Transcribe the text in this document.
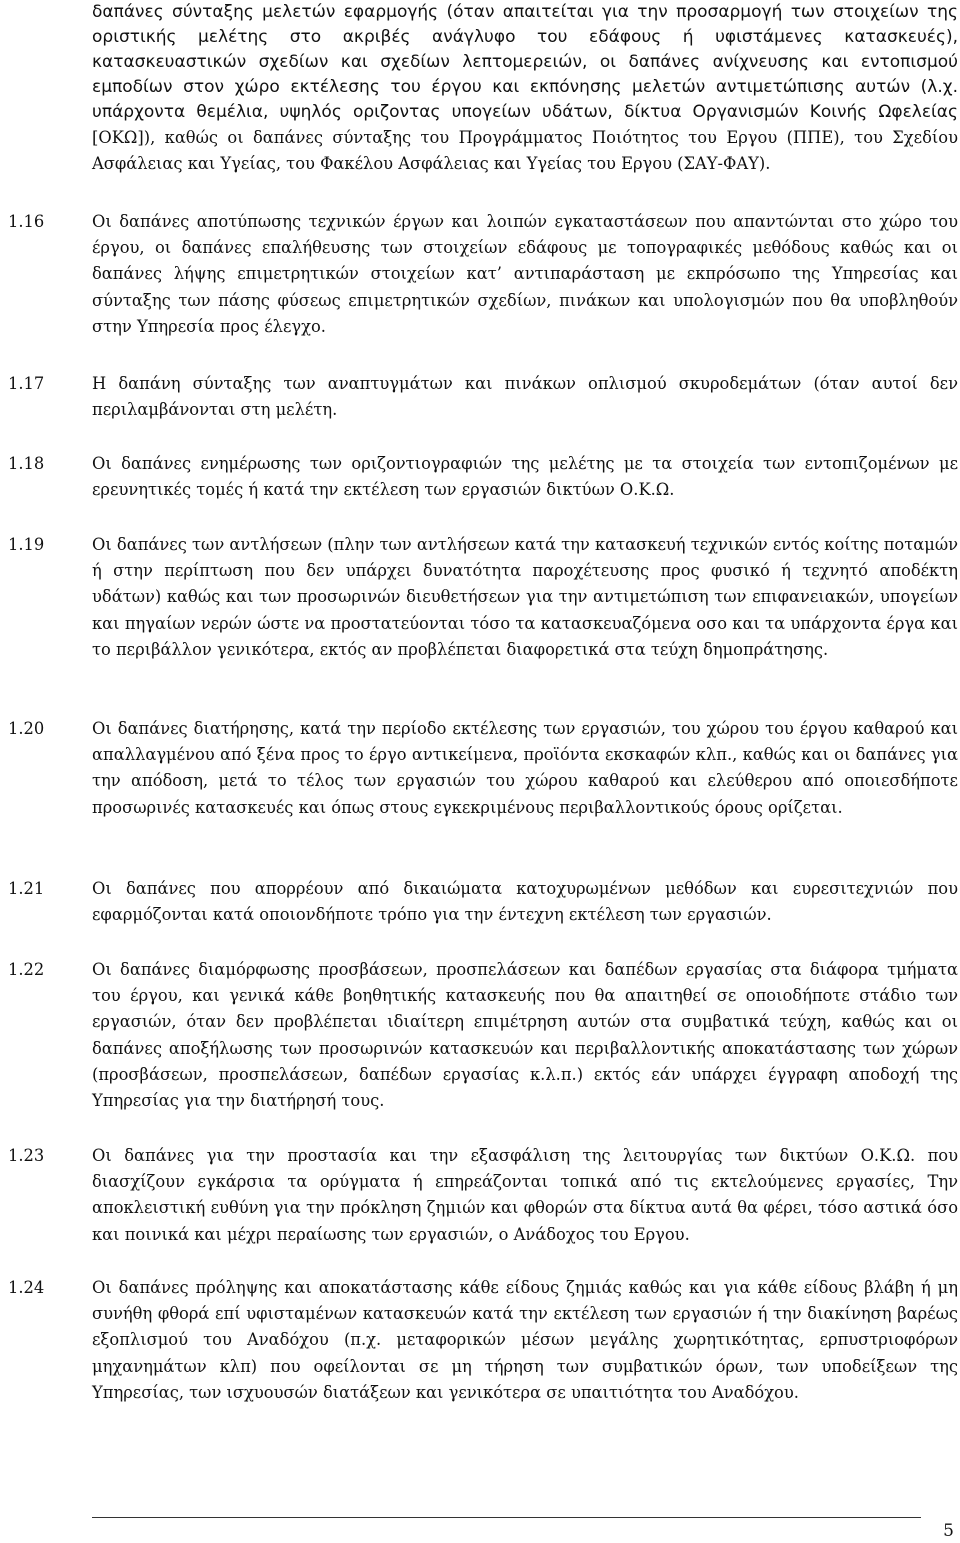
δαπάνες σύνταξης μελετών εφαρμογής (όταν απαιτείται για την προσαρμογή των στοιχείων της οριστικής μελέτης στο ακριβές ανάγλυφο του εδάφους ή υφιστάμενες κατασκευές), κατασκευαστικών σχεδίων και σχεδίων λεπτομερειών, οι δαπάνες ανίχνευσης και εντοπισμού εμποδίων στον χώρο εκτέλεσης του έργου και εκπόνησης μελετών αντιμετώπισης αυτών (λ.χ. υπάρχοντα θεμέλια, υψηλός οριζοντας υπογείων υδάτων, δίκτυα Οργανισμών Κοινής Ωφελείας [ΟΚΩ]), καθώς οι δαπάνες σύνταξης του Προγράμματος Ποιότητος του Εργου (ΠΠΕ), του Σχεδίου Ασφάλειας και Υγείας, του Φακέλου Ασφάλειας και Υγείας του Εργου (ΣΑΥ-ΦΑΥ).
1.16	Οι δαπάνες αποτύπωσης τεχνικών έργων και λοιπών εγκαταστάσεων που απαντώνται στο χώρο του έργου, οι δαπάνες επαλήθευσης των στοιχείων εδάφους με τοπογραφικές μεθόδους καθώς και οι δαπάνες λήψης επιμετρητικών στοιχείων κατ’ αντιπαράσταση με εκπρόσωπο της Υπηρεσίας και σύνταξης των πάσης φύσεως επιμετρητικών σχεδίων, πινάκων και υπολογισμών που θα υποβληθούν στην Υπηρεσία προς έλεγχο.
1.17	Η δαπάνη σύνταξης των αναπτυγμάτων και πινάκων οπλισμού σκυροδεμάτων (όταν αυτοί δεν περιλαμβάνονται στη μελέτη.
1.18	Οι δαπάνες ενημέρωσης των οριζοντιογραφιών της μελέτης με τα στοιχεία των εντοπιζομένων με ερευνητικές τομές ή κατά την εκτέλεση των εργασιών δικτύων Ο.Κ.Ω.
1.19	Οι δαπάνες των αντλήσεων (πλην των αντλήσεων κατά την κατασκευή τεχνικών εντός κοίτης ποταμών ή στην περίπτωση που δεν υπάρχει δυνατότητα παροχέτευσης προς φυσικό ή τεχνητό αποδέκτη υδάτων) καθώς και των προσωρινών διευθετήσεων για την αντιμετώπιση των επιφανειακών, υπογείων και πηγαίων νερών ώστε να προστατεύονται τόσο τα κατασκευαζόμενα οσο και τα υπάρχοντα έργα και το περιβάλλον γενικότερα, εκτός αν προβλέπεται διαφορετικά στα τεύχη δημοπράτησης.
1.20	Οι δαπάνες διατήρησης, κατά την περίοδο εκτέλεσης των εργασιών, του χώρου του έργου καθαρού και απαλλαγμένου από ξένα προς το έργο αντικείμενα, προϊόντα εκσκαφών κλπ., καθώς και οι δαπάνες για την απόδοση, μετά το τέλος των εργασιών του χώρου καθαρού και ελεύθερου από οποιεσδήποτε προσωρινές κατασκευές και όπως στους εγκεκριμένους περιβαλλοντικούς όρους ορίζεται.
1.21	Οι δαπάνες που απορρέουν από δικαιώματα κατοχυρωμένων μεθόδων και ευρεσιτεχνιών που εφαρμόζονται κατά οποιονδήποτε τρόπο για την έντεχνη εκτέλεση των εργασιών.
1.22	Οι δαπάνες διαμόρφωσης προσβάσεων, προσπελάσεων και δαπέδων εργασίας στα διάφορα τμήματα του έργου, και γενικά κάθε βοηθητικής κατασκευής που θα απαιτηθεί σε οποιοδήποτε στάδιο των εργασιών, όταν δεν προβλέπεται ιδιαίτερη επιμέτρηση αυτών στα συμβατικά τεύχη, καθώς και οι δαπάνες αποξήλωσης των προσωρινών κατασκευών και περιβαλλοντικής αποκατάστασης των χώρων (προσβάσεων, προσπελάσεων, δαπέδων εργασίας κ.λ.π.) εκτός εάν υπάρχει έγγραφη αποδοχή της Υπηρεσίας για την διατήρησή τους.
1.23	Οι δαπάνες για την προστασία και την εξασφάλιση της λειτουργίας των δικτύων Ο.Κ.Ω. που διασχίζουν εγκάρσια τα ορύγματα ή επηρεάζονται τοπικά από τις εκτελούμενες εργασίες, Την αποκλειστική ευθύνη για την πρόκληση ζημιών και φθορών στα δίκτυα αυτά θα φέρει, τόσο αστικά όσο και ποινικά και μέχρι περαίωσης των εργασιών, ο Ανάδοχος του Εργου.
1.24	Οι δαπάνες πρόληψης και αποκατάστασης κάθε είδους ζημιάς καθώς και για κάθε είδους βλάβη ή μη συνήθη φθορά επί υφισταμένων κατασκευών κατά την εκτέλεση των εργασιών ή την διακίνηση βαρέως εξοπλισμού του Αναδόχου (π.χ. μεταφορικών μέσων μεγάλης χωρητικότητας, ερπυστριοφόρων μηχανημάτων κλπ) που οφείλονται σε μη τήρηση των συμβατικών όρων, των υποδείξεων της Υπηρεσίας, των ισχυουσών διατάξεων και γενικότερα σε υπαιτιότητα του Αναδόχου.
5
